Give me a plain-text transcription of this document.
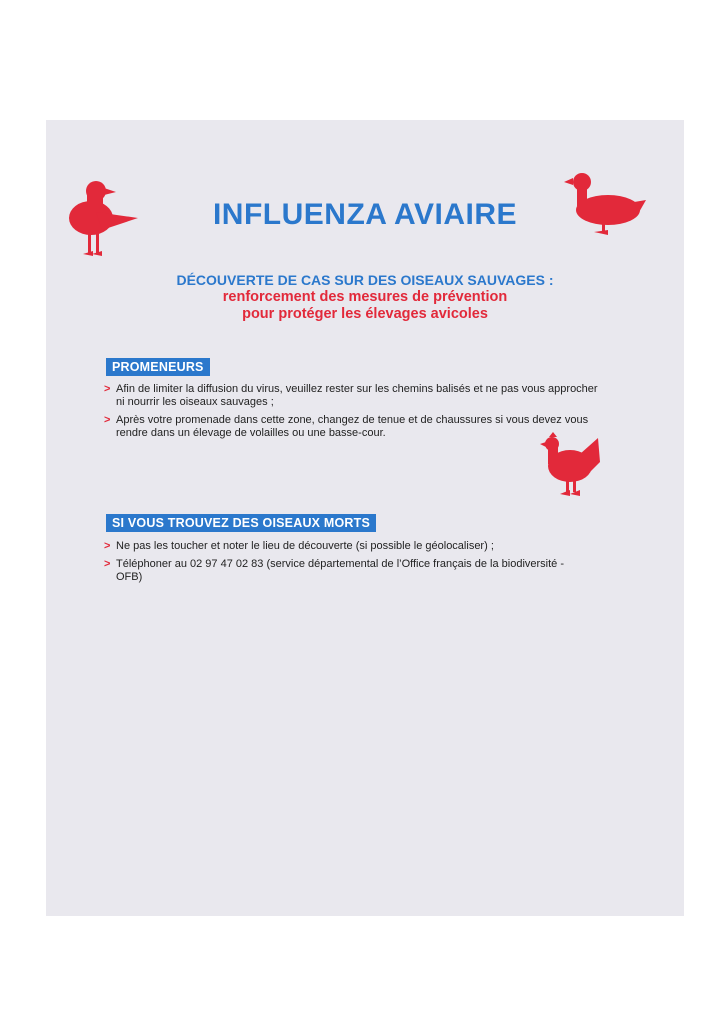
INFLUENZA AVIAIRE
DÉCOUVERTE DE CAS SUR DES OISEAUX SAUVAGES :
renforcement des mesures de prévention
pour protéger les élevages avicoles
PROMENEURS
> Afin de limiter la diffusion du virus, veuillez rester sur les chemins balisés et ne pas vous approcher
ni nourrir les oiseaux sauvages ;
> Après votre promenade dans cette zone, changez de tenue et de chaussures si vous devez vous
rendre dans un élevage de volailles ou une basse-cour.
SI VOUS TROUVEZ DES OISEAUX MORTS
> Ne pas les toucher et noter le lieu de découverte (si possible le géolocaliser) ;
> Téléphoner au 02 97 47 02 83 (service départemental de l’Office français de la biodiversité -
OFB)
